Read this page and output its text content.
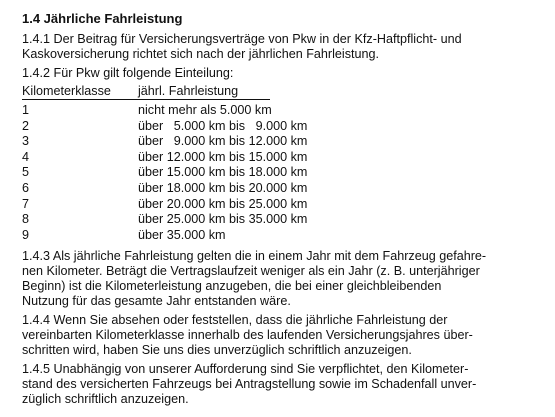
1.4 Jährliche Fahrleistung
1.4.1 Der Beitrag für Versicherungsverträge von Pkw in der Kfz-Haftpflicht- und
Kaskoversicherung richtet sich nach der jährlichen Fahrleistung.
1.4.2 Für Pkw gilt folgende Einteilung:
Kilometerklasse	jährl. Fahrleistung
1	nicht mehr als 5.000 km
2	über   5.000 km bis   9.000 km
3	über   9.000 km bis 12.000 km
4	über 12.000 km bis 15.000 km
5	über 15.000 km bis 18.000 km
6	über 18.000 km bis 20.000 km
7	über 20.000 km bis 25.000 km
8	über 25.000 km bis 35.000 km
9	über 35.000 km
1.4.3 Als jährliche Fahrleistung gelten die in einem Jahr mit dem Fahrzeug gefahre-
nen Kilometer. Beträgt die Vertragslaufzeit weniger als ein Jahr (z. B. unterjähriger
Beginn) ist die Kilometerleistung anzugeben, die bei einer gleichbleibenden
Nutzung für das gesamte Jahr entstanden wäre.
1.4.4 Wenn Sie absehen oder feststellen, dass die jährliche Fahrleistung der
vereinbarten Kilometerklasse innerhalb des laufenden Versicherungsjahres über-
schritten wird, haben Sie uns dies unverzüglich schriftlich anzuzeigen.
1.4.5 Unabhängig von unserer Aufforderung sind Sie verpflichtet, den Kilometer-
stand des versicherten Fahrzeugs bei Antragstellung sowie im Schadenfall unver-
züglich schriftlich anzuzeigen.
